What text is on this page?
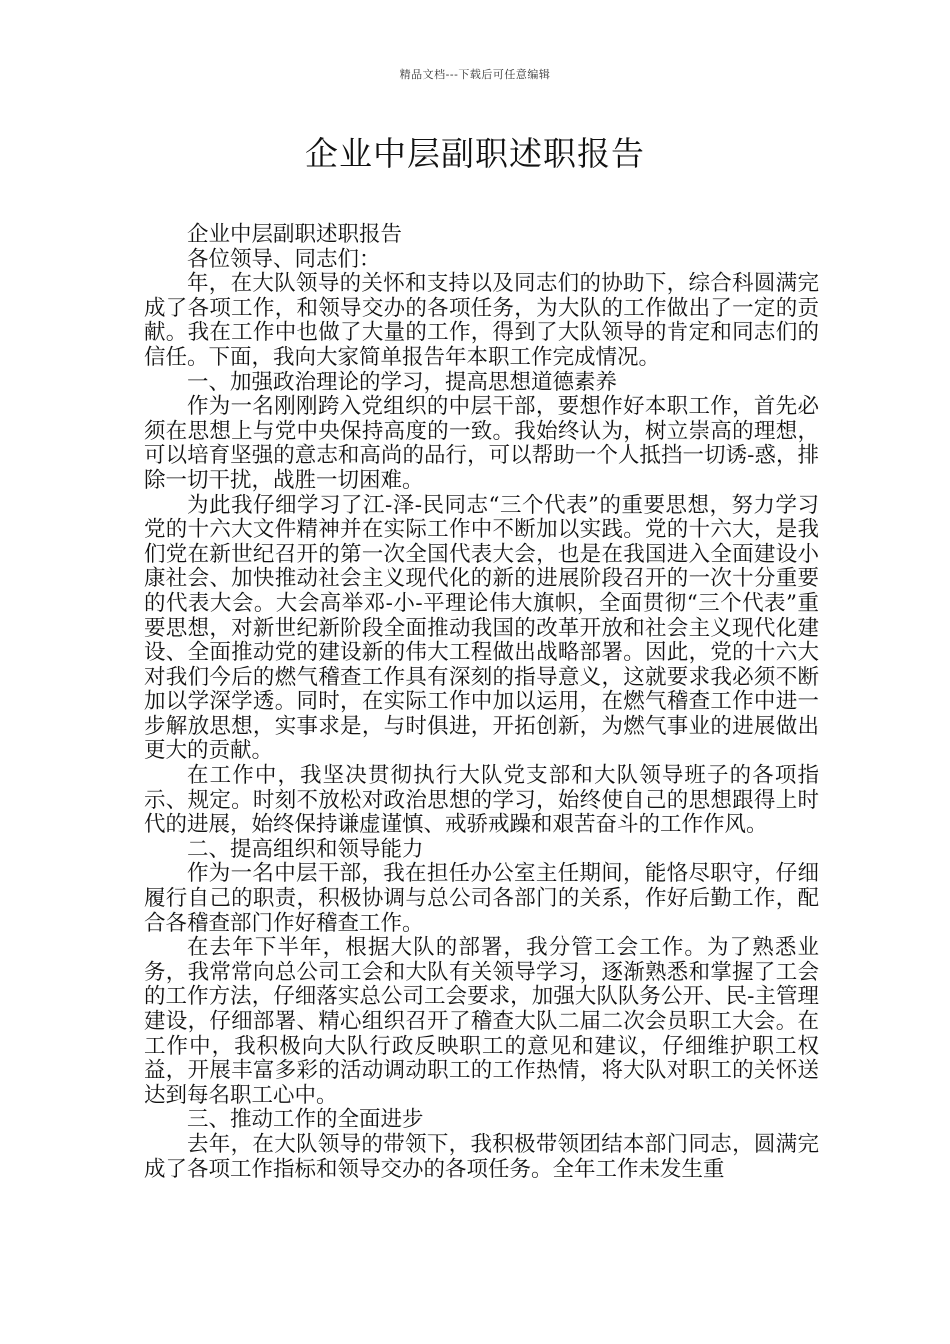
精品文档---下载后可任意编辑
企业中层副职述职报告

企业中层副职述职报告

各位领导、同志们：

年，在大队领导的关怀和支持以及同志们的协助下，综合科圆满完成了各项工作，和领导交办的各项任务，为大队的工作做出了一定的贡献。我在工作中也做了大量的工作，得到了大队领导的肯定和同志们的信任。下面，我向大家简单报告年本职工作完成情况。

一、加强政治理论的学习，提高思想道德素养

作为一名刚刚跨入党组织的中层干部，要想作好本职工作，首先必须在思想上与党中央保持高度的一致。我始终认为，树立崇高的理想，可以培育坚强的意志和高尚的品行，可以帮助一个人抵挡一切诱-惑，排除一切干扰，战胜一切困难。

为此我仔细学习了江-泽-民同志“三个代表”的重要思想，努力学习党的十六大文件精神并在实际工作中不断加以实践。党的十六大，是我们党在新世纪召开的第一次全国代表大会，也是在我国进入全面建设小康社会、加快推动社会主义现代化的新的进展阶段召开的一次十分重要的代表大会。大会高举邓-小-平理论伟大旗帜，全面贯彻“三个代表”重要思想，对新世纪新阶段全面推动我国的改革开放和社会主义现代化建设、全面推动党的建设新的伟大工程做出战略部署。因此，党的十六大对我们今后的燃气稽查工作具有深刻的指导意义，这就要求我必须不断加以学深学透。同时，在实际工作中加以运用，在燃气稽查工作中进一步解放思想，实事求是，与时俱进，开拓创新，为燃气事业的进展做出更大的贡献。

在工作中，我坚决贯彻执行大队党支部和大队领导班子的各项指示、规定。时刻不放松对政治思想的学习，始终使自己的思想跟得上时代的进展，始终保持谦虚谨慎、戒骄戒躁和艰苦奋斗的工作作风。

二、提高组织和领导能力

作为一名中层干部，我在担任办公室主任期间，能恪尽职守，仔细履行自己的职责，积极协调与总公司各部门的关系，作好后勤工作，配合各稽查部门作好稽查工作。

在去年下半年，根据大队的部署，我分管工会工作。为了熟悉业务，我常常向总公司工会和大队有关领导学习，逐渐熟悉和掌握了工会的工作方法，仔细落实总公司工会要求，加强大队队务公开、民-主管理建设，仔细部署、精心组织召开了稽查大队二届二次会员职工大会。在工作中，我积极向大队行政反映职工的意见和建议，仔细维护职工权益，开展丰富多彩的活动调动职工的工作热情，将大队对职工的关怀送达到每名职工心中。

三、推动工作的全面进步

去年，在大队领导的带领下，我积极带领团结本部门同志，圆满完成了各项工作指标和领导交办的各项任务。全年工作未发生重
